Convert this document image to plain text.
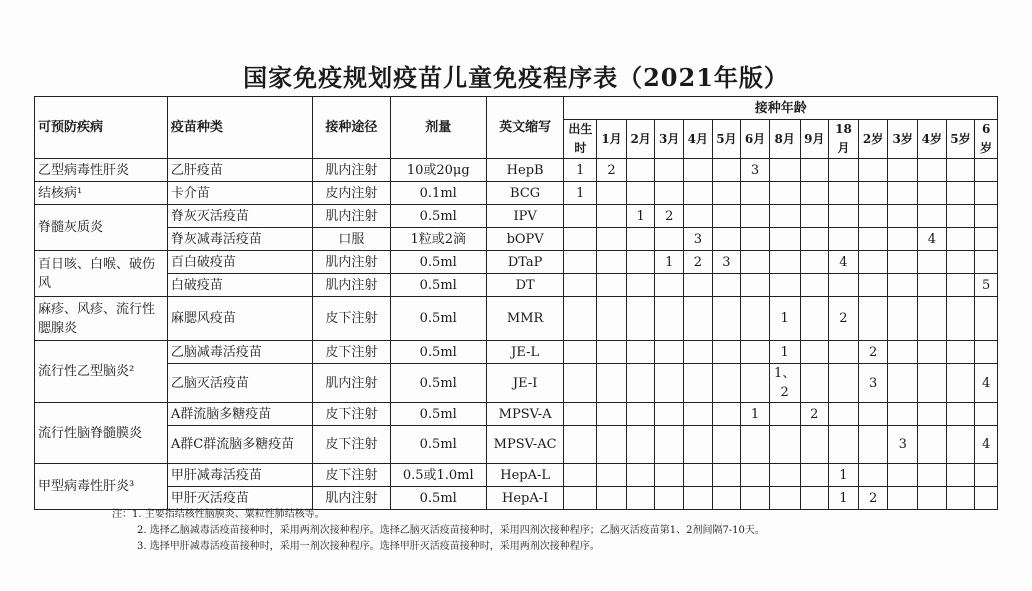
国家免疫规划疫苗儿童免疫程序表（2021年版）
可预防疾病	疫苗种类	接种途径	剂量	英文缩写	接种年龄														
					出生时	1月	2月	3月	4月	5月	6月	8月	9月	18月	2岁	3岁	4岁	5岁	6岁
乙型病毒性肝炎	乙肝疫苗	肌内注射	10或20μg	HepB	1	2					3								
结核病¹	卡介苗	皮内注射	0.1ml	BCG	1														
脊髓灰质炎	脊灰灭活疫苗	肌内注射	0.5ml	IPV			1	2											
	脊灰减毒活疫苗	口服	1粒或2滴	bOPV					3								4		
百日咳、白喉、破伤风	百白破疫苗	肌内注射	0.5ml	DTaP				1	2	3				4					
	白破疫苗	肌内注射	0.5ml	DT															5
麻疹、风疹、流行性腮腺炎	麻腮风疫苗	皮下注射	0.5ml	MMR								1		2					
流行性乙型脑炎²	乙脑减毒活疫苗	皮下注射	0.5ml	JE-L								1			2				
	乙脑灭活疫苗	肌内注射	0.5ml	JE-I								1、2			3				4
流行性脑脊髓膜炎	A群流脑多糖疫苗	皮下注射	0.5ml	MPSV-A							1		2						
	A群C群流脑多糖疫苗	皮下注射	0.5ml	MPSV-AC												3			4
甲型病毒性肝炎³	甲肝减毒活疫苗	皮下注射	0.5或1.0ml	HepA-L										1					
	甲肝灭活疫苗	肌内注射	0.5ml	HepA-I										1	2				
注：1. 主要指结核性脑膜炎、粟粒性肺结核等。
2. 选择乙脑减毒活疫苗接种时，采用两剂次接种程序。选择乙脑灭活疫苗接种时，采用四剂次接种程序；乙脑灭活疫苗第1、2剂间隔7-10天。
3. 选择甲肝减毒活疫苗接种时，采用一剂次接种程序。选择甲肝灭活疫苗接种时，采用两剂次接种程序。
